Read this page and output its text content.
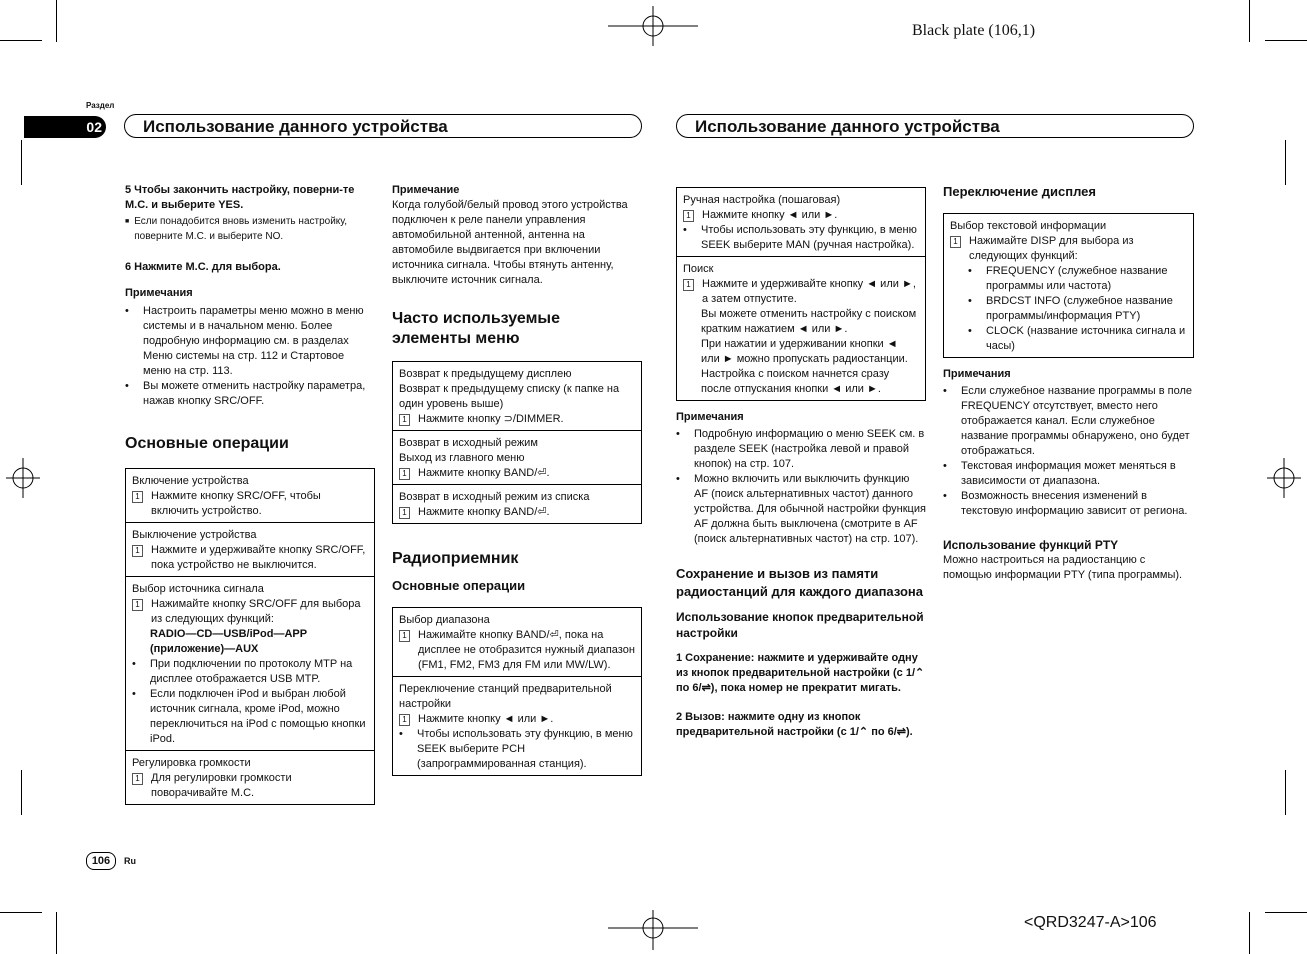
Black plate (106,1)
Раздел
02	Использование данного устройства	Использование данного устройства

5 Чтобы закончить настройку, поверни-те M.C. и выберите YES.

■ Если понадобится вновь изменить настройку, поверните M.C. и выберите NO.

6 Нажмите M.C. для выбора.

Примечания

•	Настроить параметры меню можно в меню системы и в начальном меню. Более подробную информацию см. в разделах Меню системы на стр. 112 и Стартовое меню на стр. 113.
•	Вы можете отменить настройку параметра, нажав кнопку SRC/OFF.

Основные операции

Включение устройства
1 Нажмите кнопку SRC/OFF, чтобы включить устройство.
Выключение устройства
1 Нажмите и удерживайте кнопку SRC/OFF, пока устройство не выключится.
Выбор источника сигнала
1 Нажимайте кнопку SRC/OFF для выбора из следующих функций:
RADIO—CD—USB/iPod—APP (приложение)—AUX
•	При подключении по протоколу MTP на дисплее отображается USB MTP.
•	Если подключен iPod и выбран любой источник сигнала, кроме iPod, можно переключиться на iPod с помощью кнопки iPod.
Регулировка громкости
1 Для регулировки громкости поворачивайте M.C.

Примечание

Когда голубой/белый провод этого устройства подключен к реле панели управления автомобильной антенной, антенна на автомобиле выдвигается при включении источника сигнала. Чтобы втянуть антенну, выключите источник сигнала.

Часто используемые элементы меню

Возврат к предыдущему дисплею
Возврат к предыдущему списку (к папке на один уровень выше)
1 Нажмите кнопку ⊃/DIMMER.
Возврат в исходный режим
Выход из главного меню
1 Нажмите кнопку BAND/⏎.
Возврат в исходный режим из списка
1 Нажмите кнопку BAND/⏎.

Радиоприемник

Основные операции

Выбор диапазона
1 Нажимайте кнопку BAND/⏎, пока на дисплее не отобразится нужный диапазон (FM1, FM2, FM3 для FM или MW/LW).
Переключение станций предварительной настройки
1 Нажмите кнопку ◄ или ►.
•	Чтобы использовать эту функцию, в меню SEEK выберите PCH (запрограммированная станция).
Ручная настройка (пошаговая)
1 Нажмите кнопку ◄ или ►.
•	Чтобы использовать эту функцию, в меню SEEK выберите MAN (ручная настройка).
Поиск
1 Нажмите и удерживайте кнопку ◄ или ►, а затем отпустите.
Вы можете отменить настройку с поиском кратким нажатием ◄ или ►.
При нажатии и удерживании кнопки ◄ или ► можно пропускать радиостанции. Настройка с поиском начнется сразу после отпускания кнопки ◄ или ►.

Примечания

•	Подробную информацию о меню SEEK см. в разделе SEEK (настройка левой и правой кнопок) на стр. 107.
•	Можно включить или выключить функцию AF (поиск альтернативных частот) данного устройства. Для обычной настройки функция AF должна быть выключена (смотрите в AF (поиск альтернативных частот) на стр. 107).

Сохранение и вызов из памяти радиостанций для каждого диапазона

Использование кнопок предварительной настройки

1 Сохранение: нажмите и удерживайте одну из кнопок предварительной настройки (с 1/⌃ по 6/⇌), пока номер не прекратит мигать.

2 Вызов: нажмите одну из кнопок предварительной настройки (с 1/⌃ по 6/⇌).

Переключение дисплея

Выбор текстовой информации
1 Нажимайте DISP для выбора из следующих функций:
•	FREQUENCY (служебное название программы или частота)
•	BRDCST INFO (служебное название программы/информация PTY)
•	CLOCK (название источника сигнала и часы)

Примечания

•	Если служебное название программы в поле FREQUENCY отсутствует, вместо него отображается канал. Если служебное название программы обнаружено, оно будет отображаться.
•	Текстовая информация может меняться в зависимости от диапазона.
•	Возможность внесения изменений в текстовую информацию зависит от региона.

Использование функций PTY

Можно настроиться на радиостанцию с помощью информации PTY (типа программы).

106	Ru
<QRD3247-A>106
